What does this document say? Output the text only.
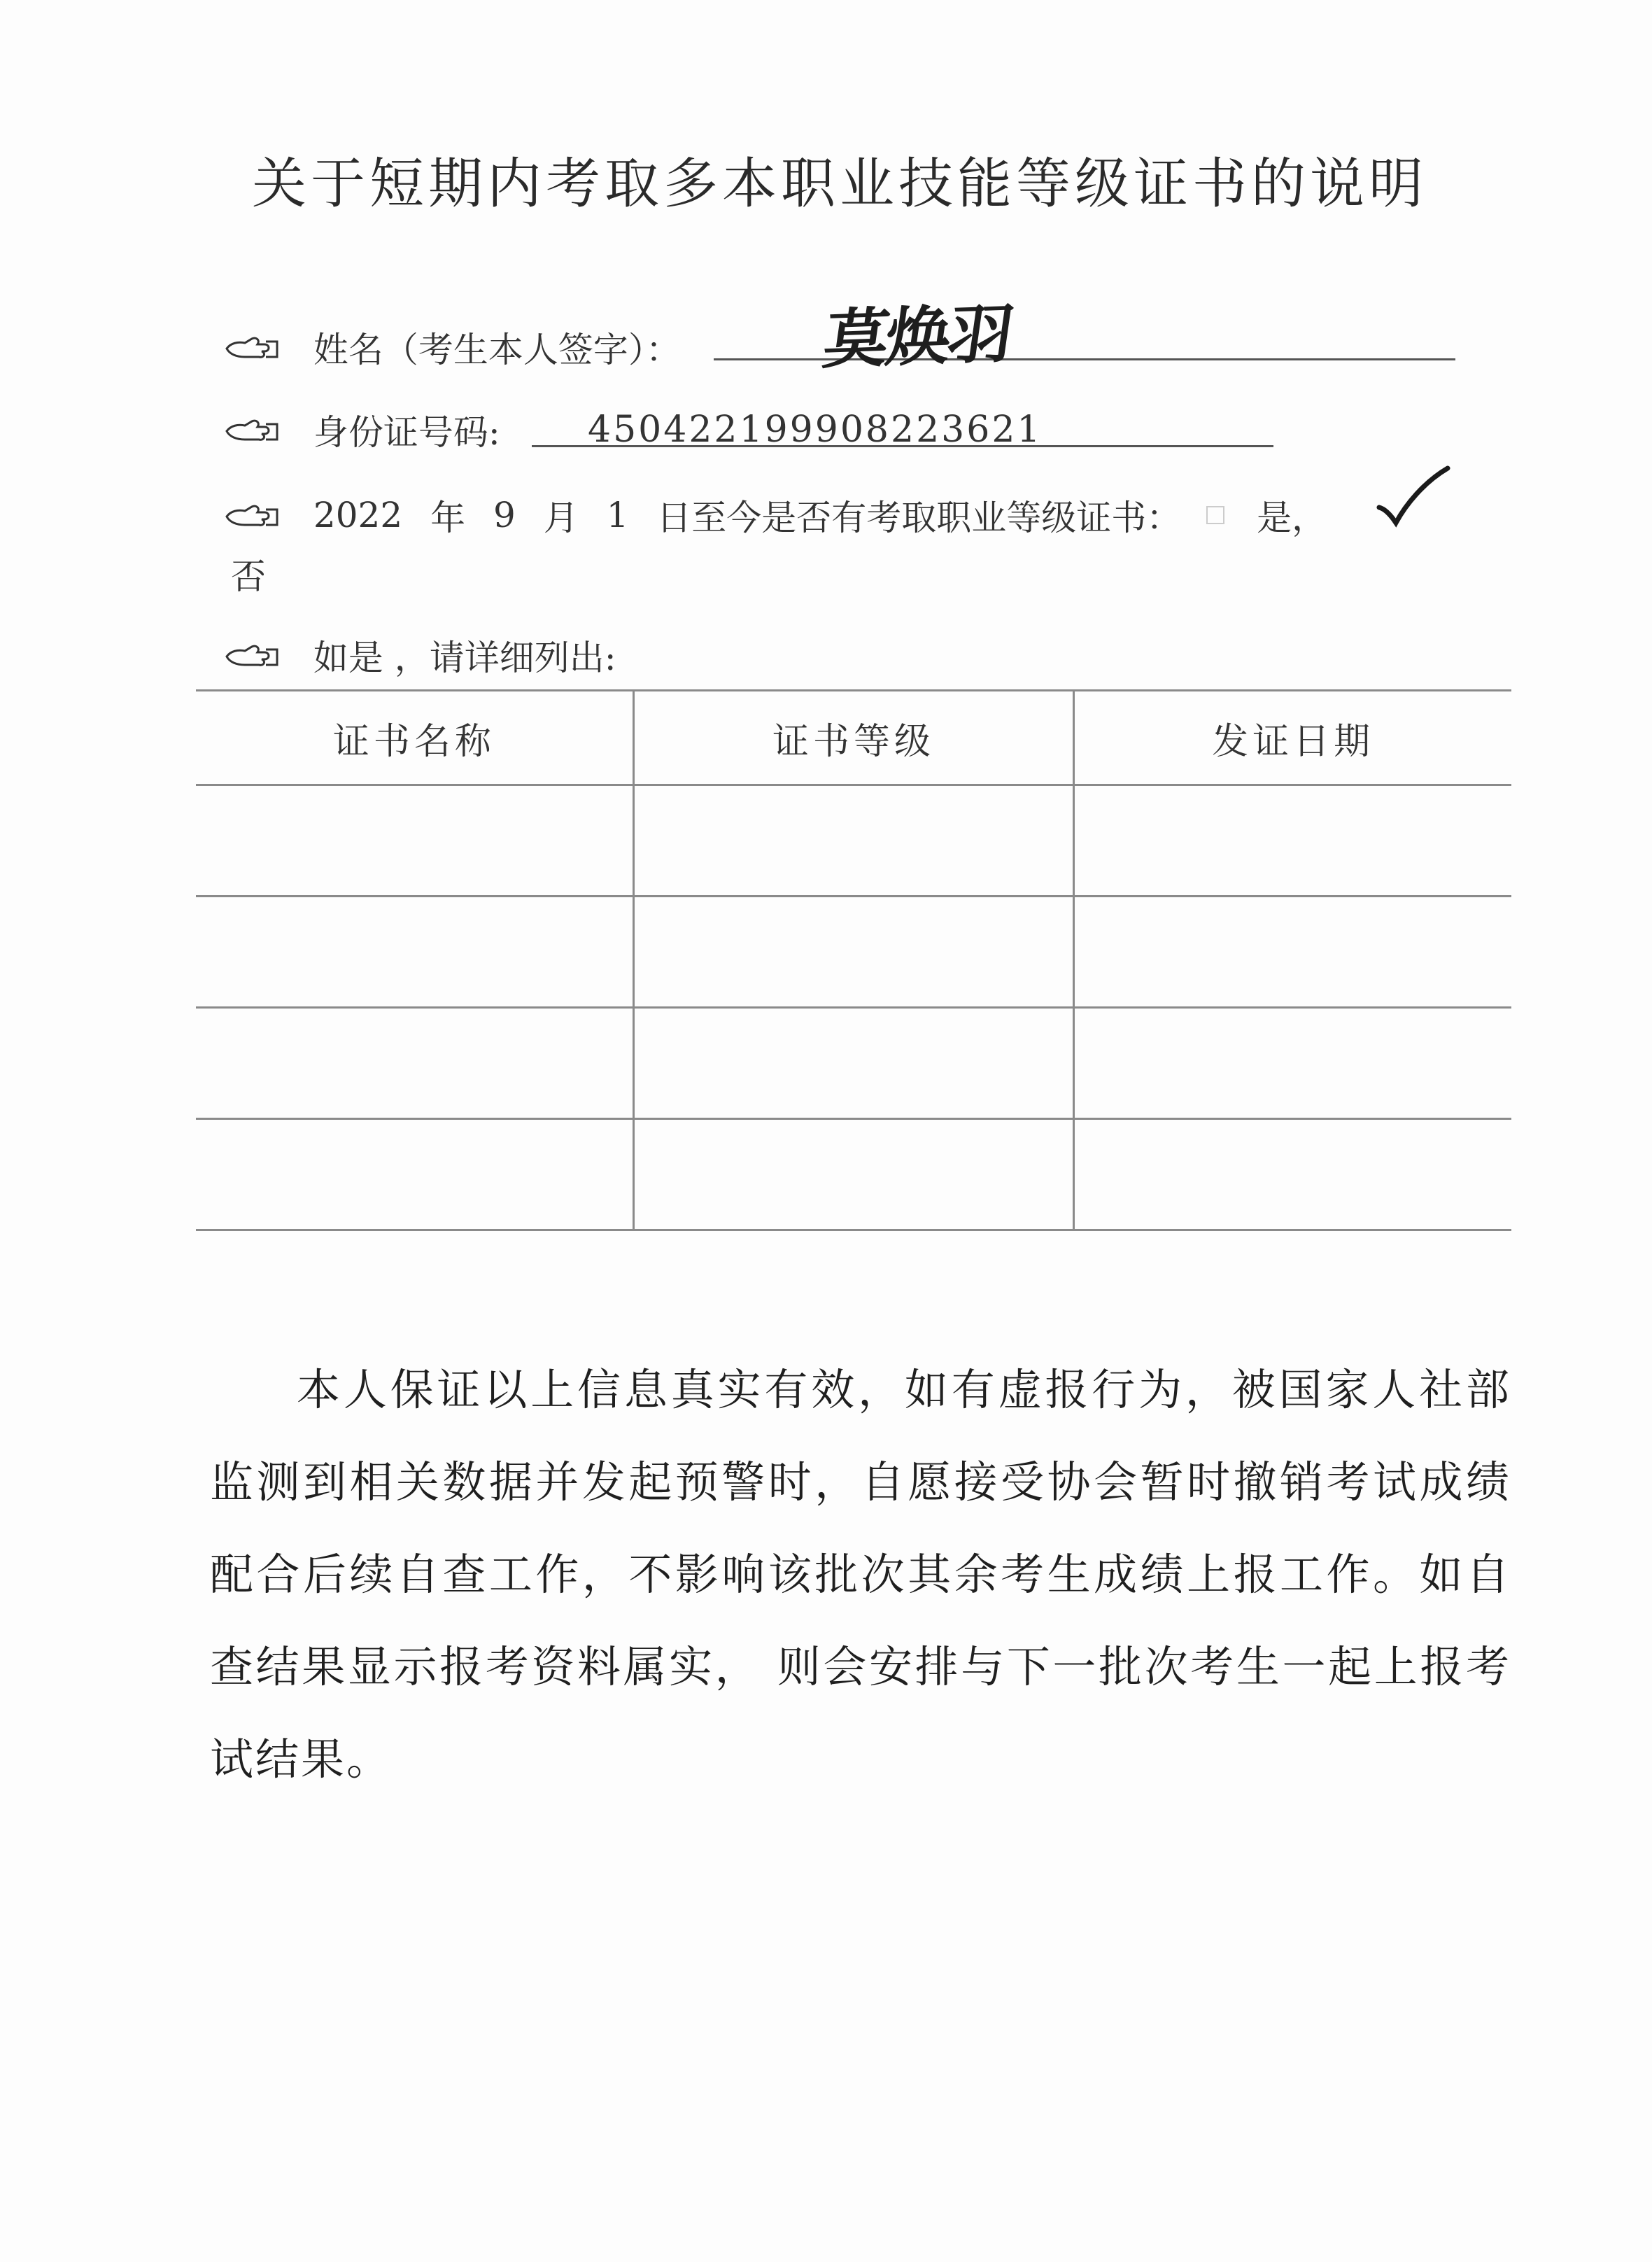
关于短期内考取多本职业技能等级证书的说明
姓名（考生本人签字）： 莫焕羽
身份证号码: 450422199908223621
2022 年 9 月 1 日至今是否有考取职业等级证书： 是，
否
如是 ，请详细列出:
证书名称	证书等级	发证日期

本人保证以上信息真实有效，如有虚报行为，被国家人社部监测到相关数据并发起预警时，自愿接受协会暂时撤销考试成绩配合后续自查工作，不影响该批次其余考生成绩上报工作。如自查结果显示报考资料属实， 则会安排与下一批次考生一起上报考试结果。
